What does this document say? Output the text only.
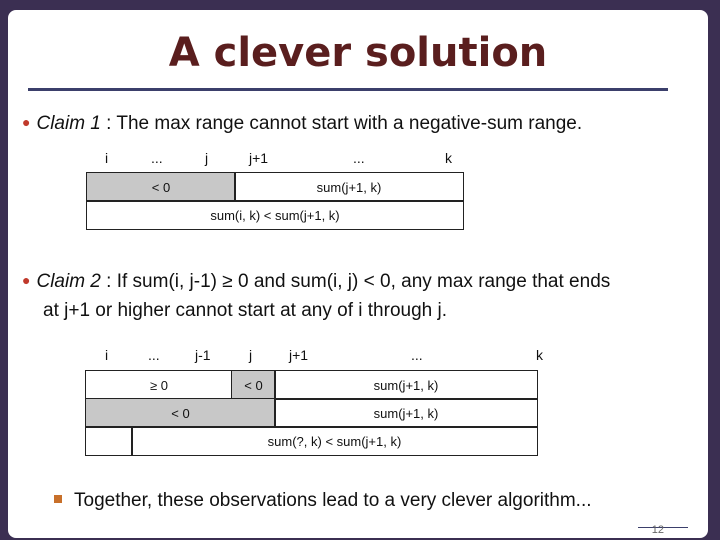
A clever solution
● Claim 1 : The max range cannot start with a negative-sum range.
i	...	j	j+1	...	k
< 0	sum(j+1, k)
sum(i, k) < sum(j+1, k)
● Claim 2 : If sum(i, j-1) ≥ 0 and sum(i, j) < 0, any max range that ends
at j+1 or higher cannot start at any of i through j.
i	...	j-1	j	j+1	...	k
≥ 0	< 0	sum(j+1, k)
< 0	sum(j+1, k)
sum(?, k) < sum(j+1, k)
Together, these observations lead to a very clever algorithm...
12
